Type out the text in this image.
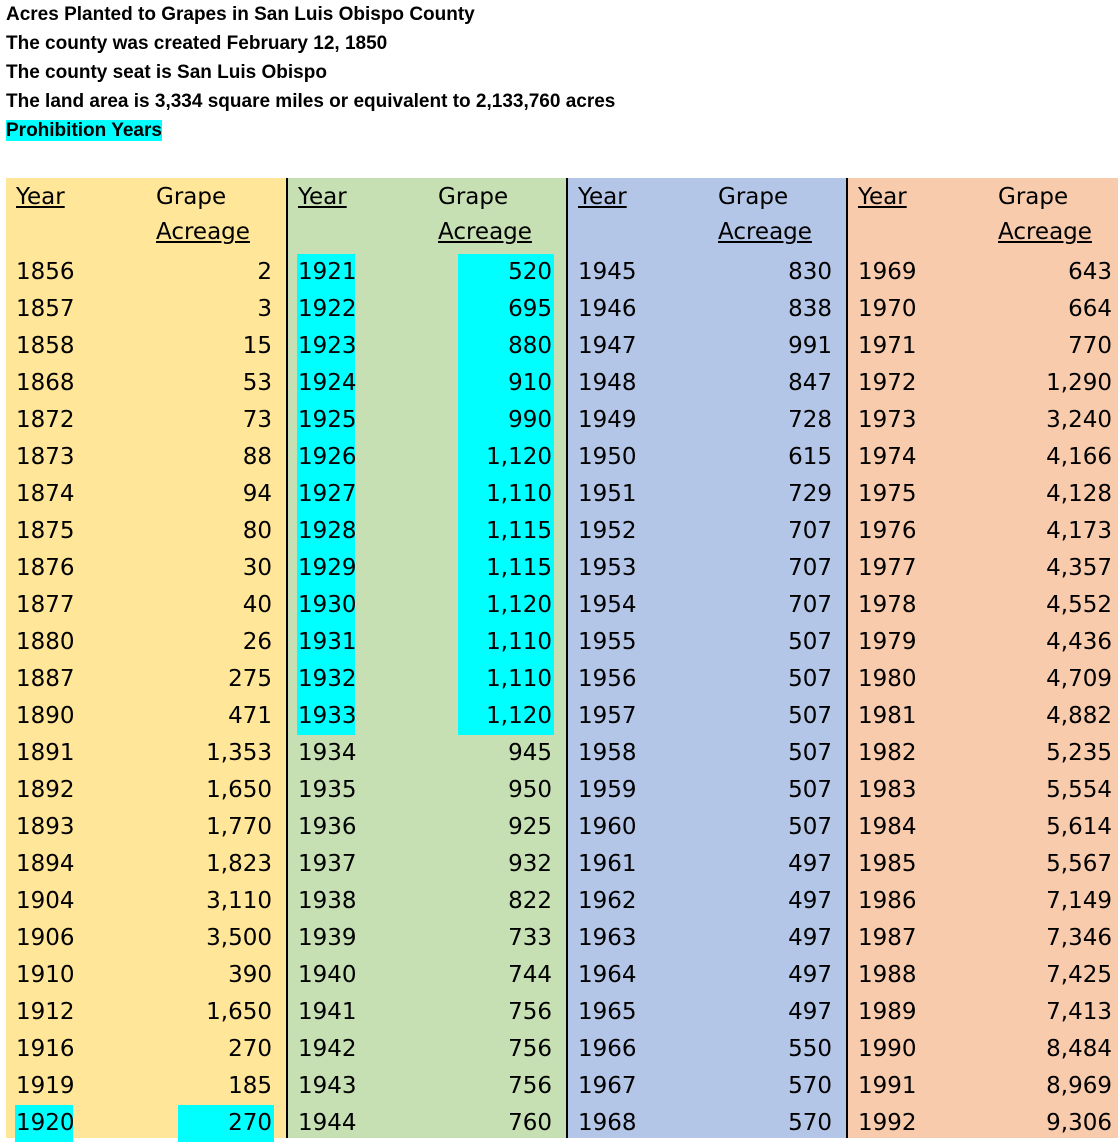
Acres Planted to Grapes in San Luis Obispo County
The county was created February 12, 1850
The county seat is San Luis Obispo
The land area is 3,334 square miles or equivalent to 2,133,760 acres
Prohibition Years
Year	Grape
Acreage
1856	2
1857	3
1858	15
1868	53
1872	73
1873	88
1874	94
1875	80
1876	30
1877	40
1880	26
1887	275
1890	471
1891	1,353
1892	1,650
1893	1,770
1894	1,823
1904	3,110
1906	3,500
1910	390
1912	1,650
1916	270
1919	185
1920	270
Year	Grape
Acreage
1921	520
1922	695
1923	880
1924	910
1925	990
1926	1,120
1927	1,110
1928	1,115
1929	1,115
1930	1,120
1931	1,110
1932	1,110
1933	1,120
1934	945
1935	950
1936	925
1937	932
1938	822
1939	733
1940	744
1941	756
1942	756
1943	756
1944	760
Year	Grape
Acreage
1945	830
1946	838
1947	991
1948	847
1949	728
1950	615
1951	729
1952	707
1953	707
1954	707
1955	507
1956	507
1957	507
1958	507
1959	507
1960	507
1961	497
1962	497
1963	497
1964	497
1965	497
1966	550
1967	570
1968	570
Year	Grape
Acreage
1969	643
1970	664
1971	770
1972	1,290
1973	3,240
1974	4,166
1975	4,128
1976	4,173
1977	4,357
1978	4,552
1979	4,436
1980	4,709
1981	4,882
1982	5,235
1983	5,554
1984	5,614
1985	5,567
1986	7,149
1987	7,346
1988	7,425
1989	7,413
1990	8,484
1991	8,969
1992	9,306
